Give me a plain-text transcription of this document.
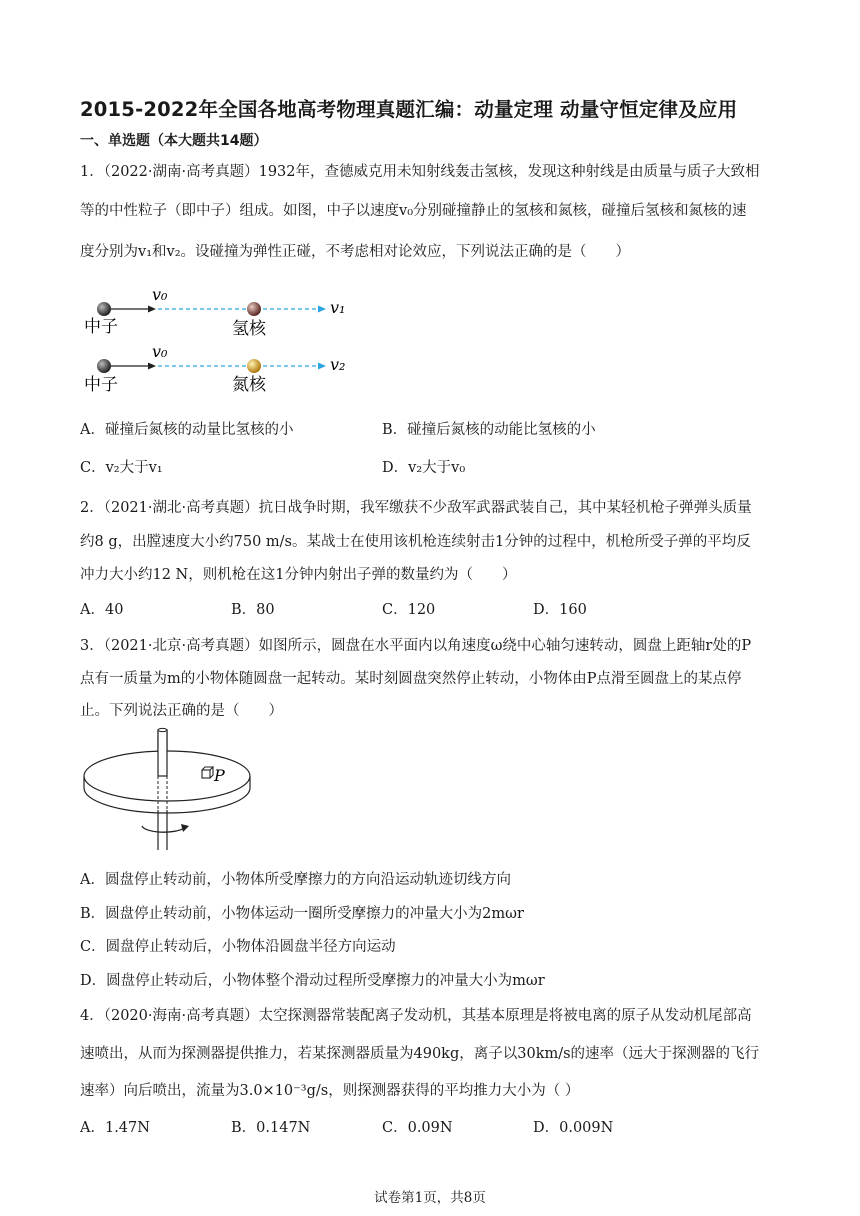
2015-2022年全国各地高考物理真题汇编：动量定理 动量守恒定律及应用
一、单选题（本大题共14题）
1．（2022·湖南·高考真题）1932年，查德威克用未知射线轰击氢核，发现这种射线是由质量与质子大致相
等的中性粒子（即中子）组成。如图，中子以速度v₀分别碰撞静止的氢核和氮核，碰撞后氢核和氮核的速
度分别为v₁和v₂。设碰撞为弹性正碰，不考虑相对论效应，下列说法正确的是（　　）
v₀
v₁
中子	氢核
v₀
v₂
中子	氮核
A．碰撞后氮核的动量比氢核的小	B．碰撞后氮核的动能比氢核的小
C．v₂大于v₁	D．v₂大于v₀
2．（2021·湖北·高考真题）抗日战争时期，我军缴获不少敌军武器武装自己，其中某轻机枪子弹弹头质量
约8 g，出膛速度大小约750 m/s。某战士在使用该机枪连续射击1分钟的过程中，机枪所受子弹的平均反
冲力大小约12 N，则机枪在这1分钟内射出子弹的数量约为（　　）
A．40	B．80	C．120	D．160
3．（2021·北京·高考真题）如图所示，圆盘在水平面内以角速度ω绕中心轴匀速转动，圆盘上距轴r处的P
点有一质量为m的小物体随圆盘一起转动。某时刻圆盘突然停止转动，小物体由P点滑至圆盘上的某点停
止。下列说法正确的是（　　）
P
A．圆盘停止转动前，小物体所受摩擦力的方向沿运动轨迹切线方向
B．圆盘停止转动前，小物体运动一圈所受摩擦力的冲量大小为2mωr
C．圆盘停止转动后，小物体沿圆盘半径方向运动
D．圆盘停止转动后，小物体整个滑动过程所受摩擦力的冲量大小为mωr
4．（2020·海南·高考真题）太空探测器常装配离子发动机，其基本原理是将被电离的原子从发动机尾部高
速喷出，从而为探测器提供推力，若某探测器质量为490kg，离子以30km/s的速率（远大于探测器的飞行
速率）向后喷出，流量为3.0×10⁻³g/s，则探测器获得的平均推力大小为（ ）
A．1.47N	B．0.147N	C．0.09N	D．0.009N
试卷第1页，共8页
